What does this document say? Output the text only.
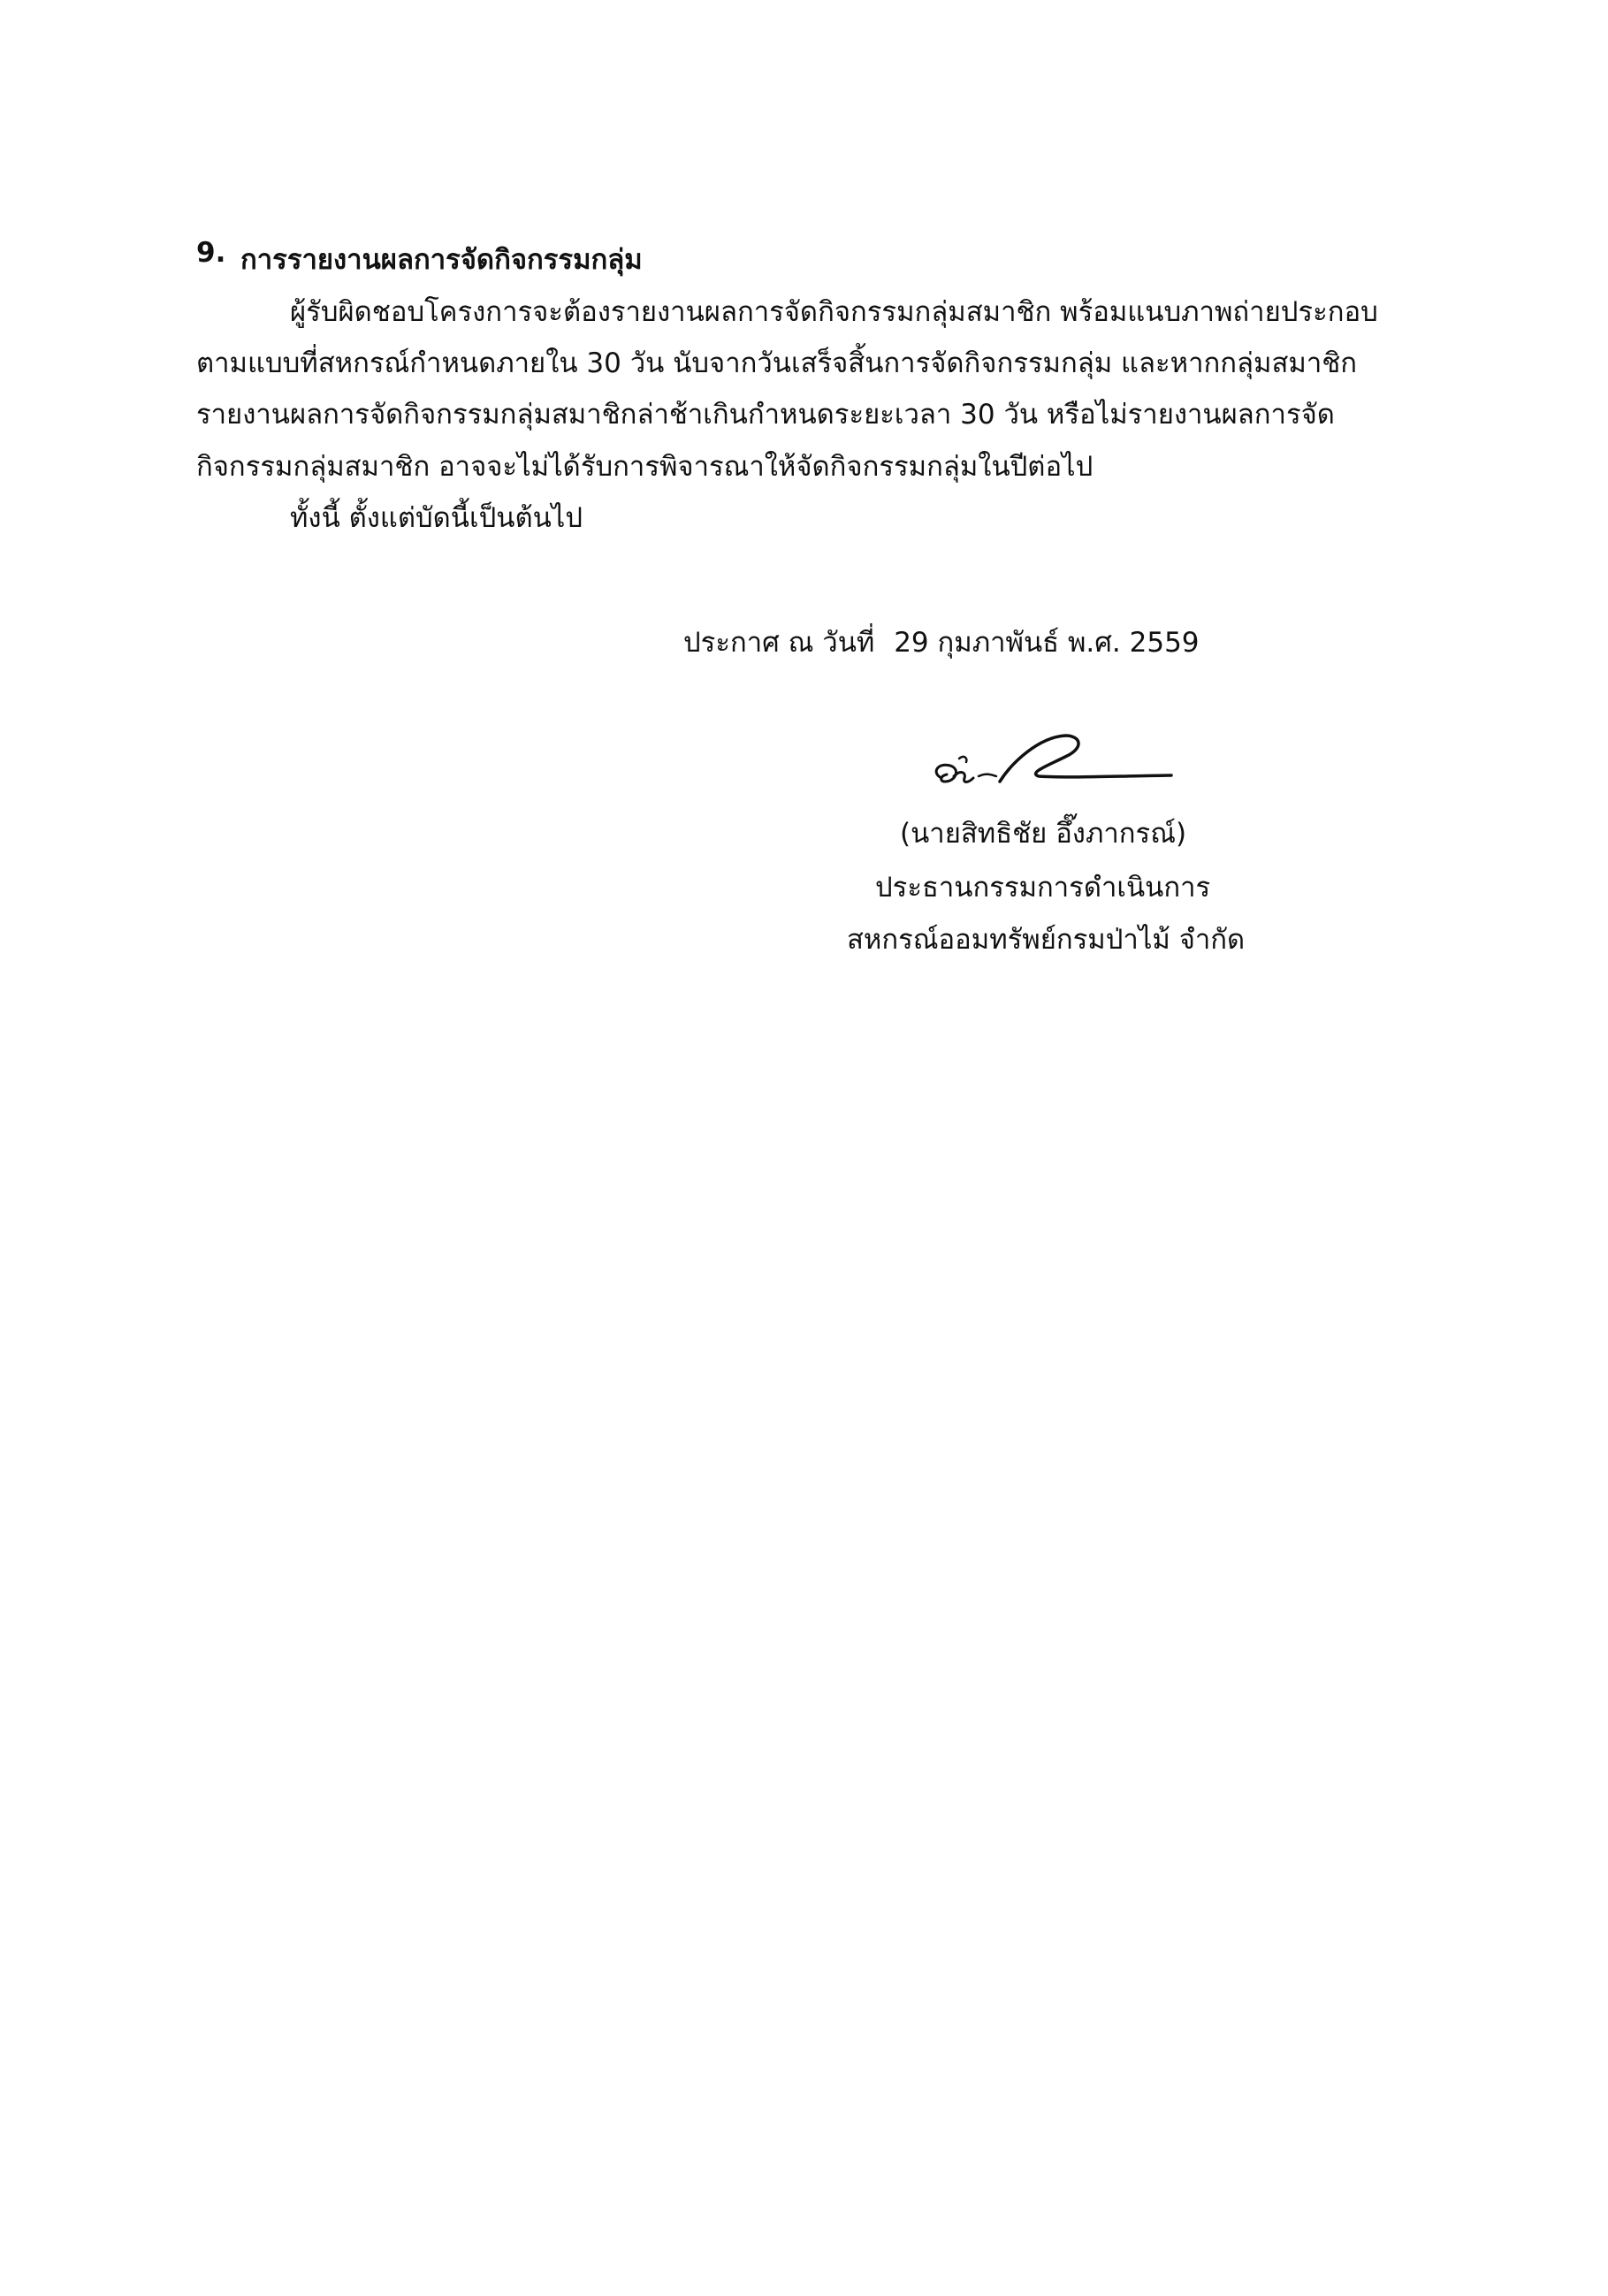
9. การรายงานผลการจัดกิจกรรมกลุ่ม
ผู้รับผิดชอบโครงการจะต้องรายงานผลการจัดกิจกรรมกลุ่มสมาชิก พร้อมแนบภาพถ่ายประกอบ
ตามแบบที่สหกรณ์กำหนดภายใน 30 วัน นับจากวันเสร็จสิ้นการจัดกิจกรรมกลุ่ม และหากกลุ่มสมาชิก
รายงานผลการจัดกิจกรรมกลุ่มสมาชิกล่าช้าเกินกำหนดระยะเวลา 30 วัน หรือไม่รายงานผลการจัด
กิจกรรมกลุ่มสมาชิก อาจจะไม่ได้รับการพิจารณาให้จัดกิจกรรมกลุ่มในปีต่อไป
ทั้งนี้ ตั้งแต่บัดนี้เป็นต้นไป
ประกาศ ณ วันที่ 29 กุมภาพันธ์ พ.ศ. 2559
(นายสิทธิชัย อึ๊งภากรณ์)
ประธานกรรมการดำเนินการ
สหกรณ์ออมทรัพย์กรมป่าไม้ จำกัด
